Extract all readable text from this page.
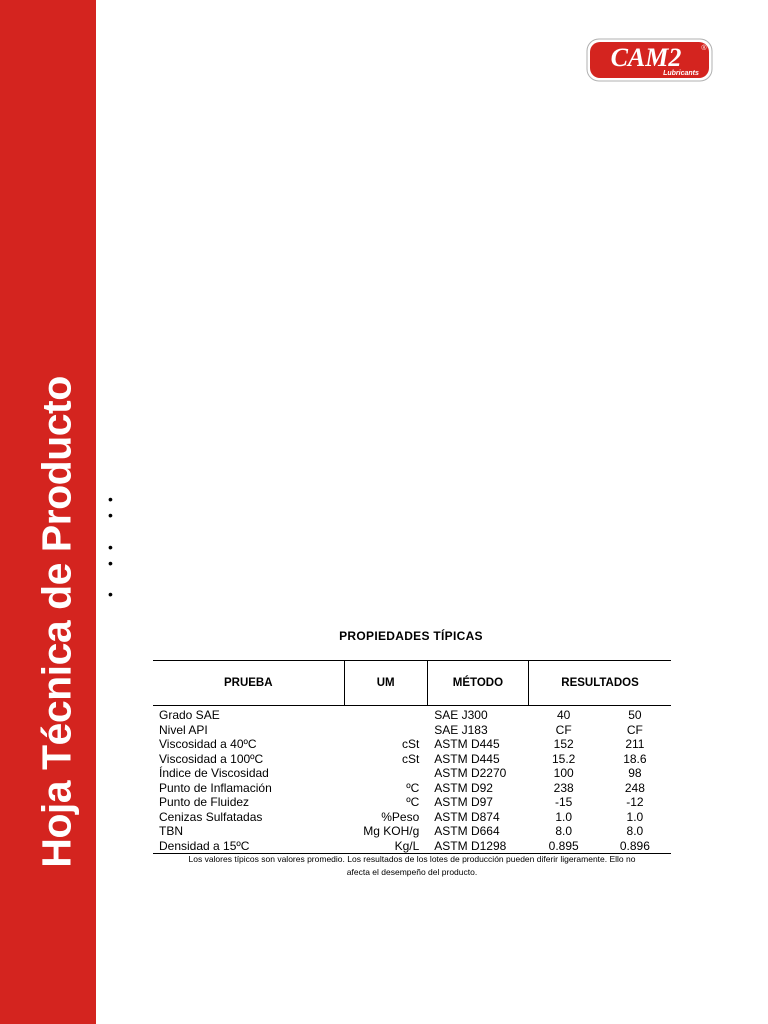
Hoja Técnica de Producto
CAM2
Lubricants
®
•
•
•
•
•
PROPIEDADES TÍPICAS
PRUEBA	UM	MÉTODO	RESULTADOS	
Grado SAE		SAE J300	40	50
Nivel API		SAE J183	CF	CF
Viscosidad a 40ºC	cSt	ASTM D445	152	211
Viscosidad a 100ºC	cSt	ASTM D445	15.2	18.6
Índice de Viscosidad		ASTM D2270	100	98
Punto de Inflamación	ºC	ASTM D92	238	248
Punto de Fluidez	ºC	ASTM D97	-15	-12
Cenizas Sulfatadas	%Peso	ASTM D874	1.0	1.0
TBN	Mg KOH/g	ASTM D664	8.0	8.0
Densidad a 15ºC	Kg/L	ASTM D1298	0.895	0.896
Los valores típicos son valores promedio. Los resultados de los lotes de producción pueden diferir ligeramente. Ello no
afecta el desempeño del producto.
